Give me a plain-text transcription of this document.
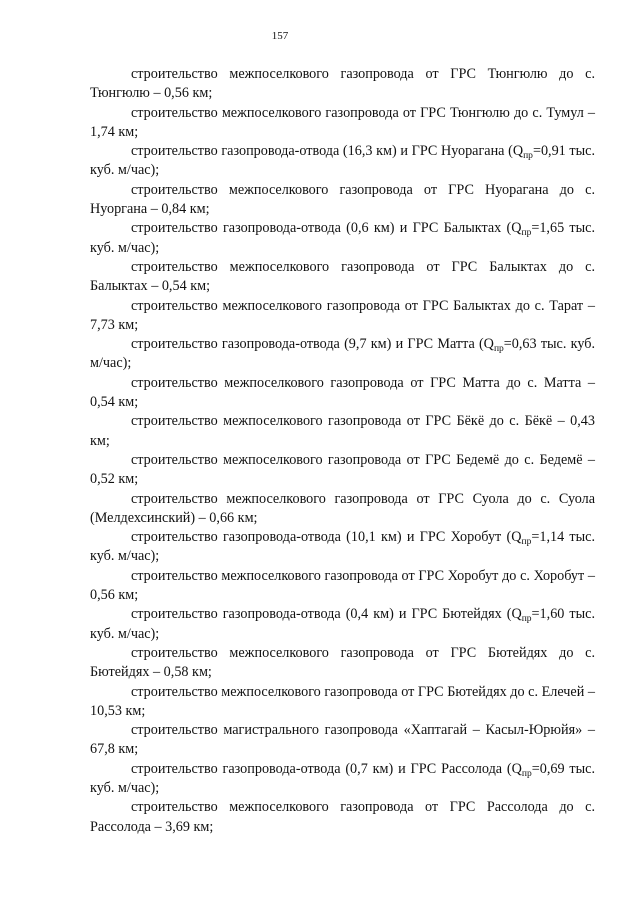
157

строительство межпоселкового газопровода от ГРС Тюнгюлю до с. Тюнгюлю – 0,56 км;

строительство межпоселкового газопровода от ГРС Тюнгюлю до с. Тумул – 1,74 км;

строительство газопровода-отвода (16,3 км) и ГРС Нуорагана ($Q_{пр}=0,91$ тыс. куб. м/час);

строительство межпоселкового газопровода от ГРС Нуорагана до с. Нуорганa – 0,84 км;

строительство газопровода-отвода (0,6 км) и ГРС Балыктах ($Q_{пр}=1,65$ тыс. куб. м/час);

строительство межпоселкового газопровода от ГРС Балыктах до с. Балыктах – 0,54 км;

строительство межпоселкового газопровода от ГРС Балыктах до с. Тарат – 7,73 км;

строительство газопровода-отвода (9,7 км) и ГРС Матта ($Q_{пр}=0,63$ тыс. куб. м/час);

строительство межпоселкового газопровода от ГРС Матта до с. Матта – 0,54 км;

строительство межпоселкового газопровода от ГРС Бёкё до с. Бёкё – 0,43 км;

строительство межпоселкового газопровода от ГРС Бедемё до с. Бедемё – 0,52 км;

строительство межпоселкового газопровода от ГРС Суола до с. Суола (Мелдехсинский) – 0,66 км;

строительство газопровода-отвода (10,1 км) и ГРС Хоробут ($Q_{пр}=1,14$ тыс. куб. м/час);

строительство межпоселкового газопровода от ГРС Хоробут до с. Хоробут – 0,56 км;

строительство газопровода-отвода (0,4 км) и ГРС Бютейдях ($Q_{пр}=1,60$ тыс. куб. м/час);

строительство межпоселкового газопровода от ГРС Бютейдях до с. Бютейдях – 0,58 км;

строительство межпоселкового газопровода от ГРС Бютейдях до с. Елечей – 10,53 км;

строительство магистрального газопровода «Хаптагай – Касыл-Юрюйя» – 67,8 км;

строительство газопровода-отвода (0,7 км) и ГРС Рассолода ($Q_{пр}=0,69$ тыс. куб. м/час);

строительство межпоселкового газопровода от ГРС Рассолода до с. Рассолода – 3,69 км;
